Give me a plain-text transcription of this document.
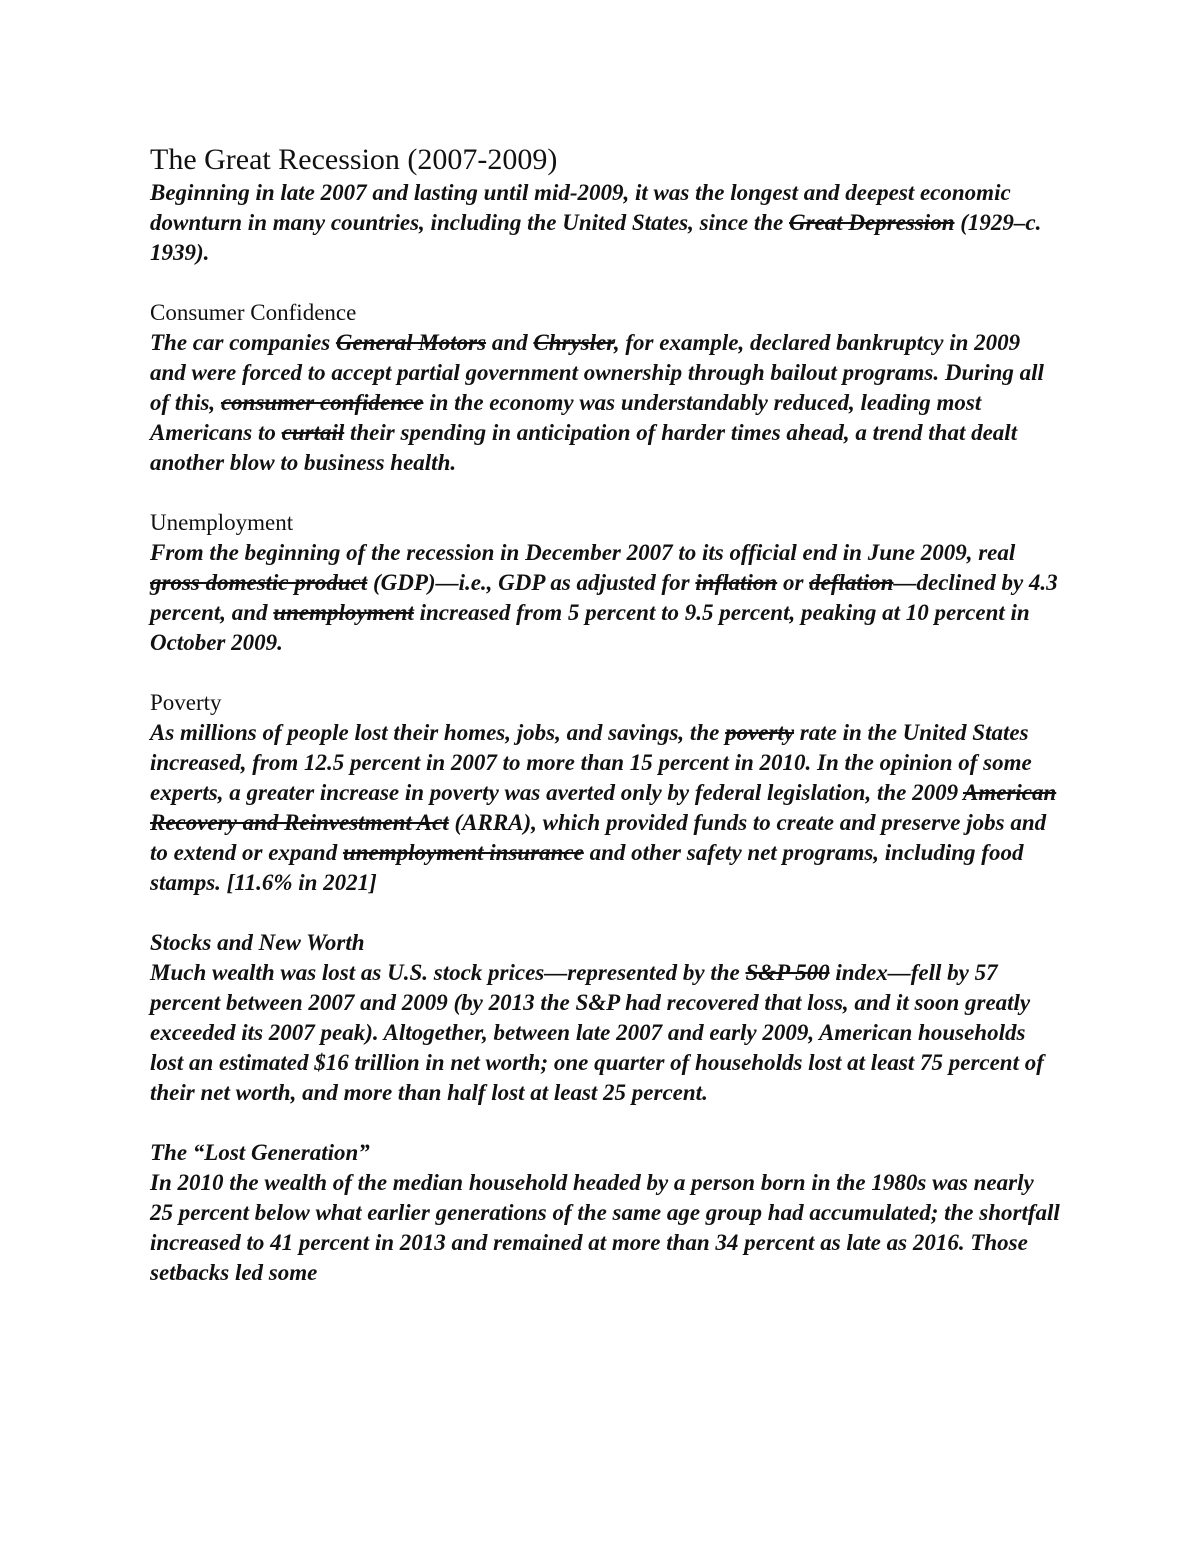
The Great Recession (2007-2009)

Beginning in late 2007 and lasting until mid-2009, it was the longest and deepest economic downturn in many countries, including the United States, since the Great Depression (1929–c. 1939).

Consumer Confidence

The car companies General Motors and Chrysler, for example, declared bankruptcy in 2009 and were forced to accept partial government ownership through bailout programs. During all of this, consumer confidence in the economy was understandably reduced, leading most Americans to curtail their spending in anticipation of harder times ahead, a trend that dealt another blow to business health.

Unemployment

From the beginning of the recession in December 2007 to its official end in June 2009, real gross domestic product (GDP)—i.e., GDP as adjusted for inflation or deflation—declined by 4.3 percent, and unemployment increased from 5 percent to 9.5 percent, peaking at 10 percent in October 2009.

Poverty

As millions of people lost their homes, jobs, and savings, the poverty rate in the United States increased, from 12.5 percent in 2007 to more than 15 percent in 2010. In the opinion of some experts, a greater increase in poverty was averted only by federal legislation, the 2009 American Recovery and Reinvestment Act (ARRA), which provided funds to create and preserve jobs and to extend or expand unemployment insurance and other safety net programs, including food stamps. [11.6% in 2021]

Stocks and New Worth

Much wealth was lost as U.S. stock prices—represented by the S&P 500 index—fell by 57 percent between 2007 and 2009 (by 2013 the S&P had recovered that loss, and it soon greatly exceeded its 2007 peak). Altogether, between late 2007 and early 2009, American households lost an estimated $16 trillion in net worth; one quarter of households lost at least 75 percent of their net worth, and more than half lost at least 25 percent.

The “Lost Generation”

In 2010 the wealth of the median household headed by a person born in the 1980s was nearly 25 percent below what earlier generations of the same age group had accumulated; the shortfall increased to 41 percent in 2013 and remained at more than 34 percent as late as 2016. Those setbacks led some
